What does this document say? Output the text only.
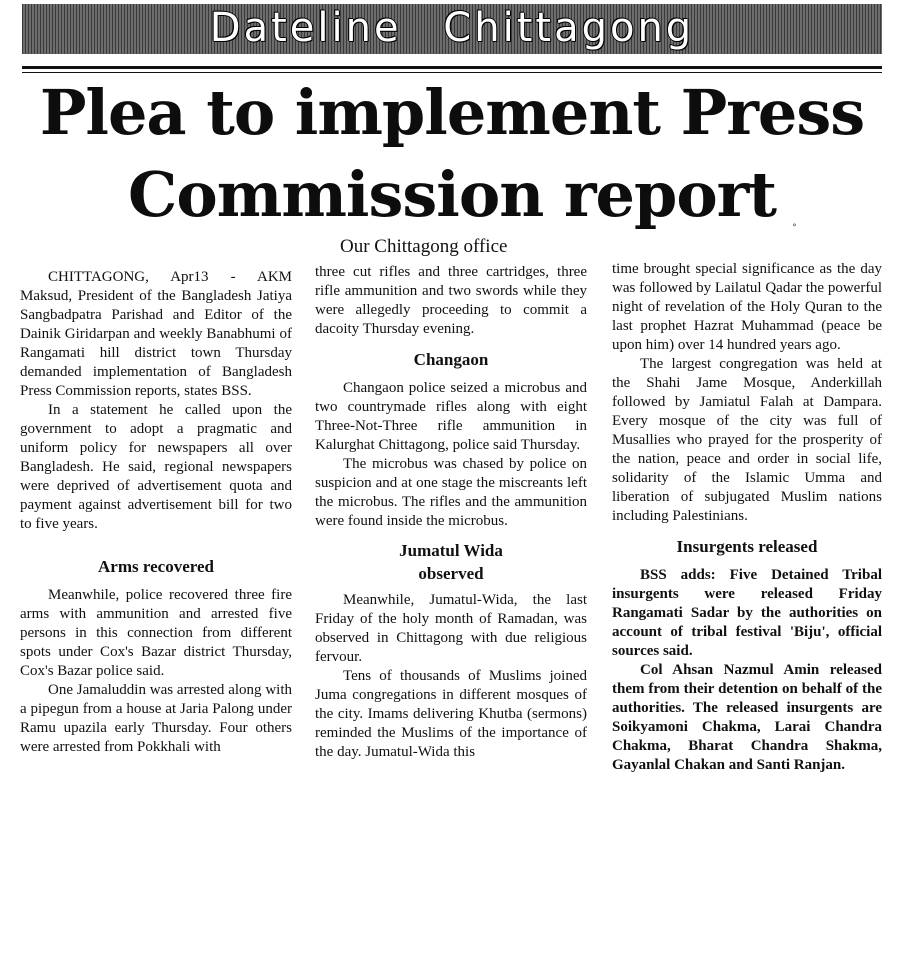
Dateline Chittagong
Plea to implement Press
Commission report	∘
Our Chittagong office

CHITTAGONG, Apr13 - AKM Maksud, President of the Bangladesh Jatiya Sangbadpatra Parishad and Editor of the Dainik Giridarpan and weekly Banabhumi of Rangamati hill district town Thursday demanded implementation of Bangladesh Press Commission reports, states BSS.

In a statement he called upon the government to adopt a pragmatic and uniform policy for newspapers all over Bangladesh. He said, regional newspapers were deprived of advertisement quota and payment against advertisement bill for two to five years.

Arms recovered

Meanwhile, police recovered three fire arms with ammunition and arrested five persons in this connection from different spots under Cox's Bazar district Thursday, Cox's Bazar police said.

One Jamaluddin was arrested along with a pipegun from a house at Jaria Palong under Ramu upazila early Thursday. Four others were arrested from Pokkhali with

three cut rifles and three cartridges, three rifle ammunition and two swords while they were allegedly proceeding to commit a dacoity Thursday evening.

Changaon

Changaon police seized a microbus and two countrymade rifles along with eight Three-Not-Three rifle ammunition in Kalurghat Chittagong, police said Thursday.

The microbus was chased by police on suspicion and at one stage the miscreants left the microbus. The rifles and the ammunition were found inside the microbus.

Jumatul Wida
observed

Meanwhile, Jumatul-Wida, the last Friday of the holy month of Ramadan, was observed in Chittagong with due religious fervour.

Tens of thousands of Muslims joined Juma congregations in different mosques of the city. Imams delivering Khutba (sermons) reminded the Muslims of the importance of the day. Jumatul-Wida this

time brought special significance as the day was followed by Lailatul Qadar the powerful night of revelation of the Holy Quran to the last prophet Hazrat Muhammad (peace be upon him) over 14 hundred years ago.

The largest congregation was held at the Shahi Jame Mosque, Anderkillah followed by Jamiatul Falah at Dampara. Every mosque of the city was full of Musallies who prayed for the prosperity of the nation, peace and order in social life, solidarity of the Islamic Umma and liberation of subjugated Muslim nations including Palestinians.

Insurgents released

BSS adds: Five Detained Tribal insurgents were released Friday Rangamati Sadar by the authorities on account of tribal festival 'Biju', official sources said.

Col Ahsan Nazmul Amin released them from their detention on behalf of the authorities. The released insurgents are Soikyamoni Chakma, Larai Chandra Chakma, Bharat Chandra Shakma, Gayanlal Chakan and Santi Ranjan.
